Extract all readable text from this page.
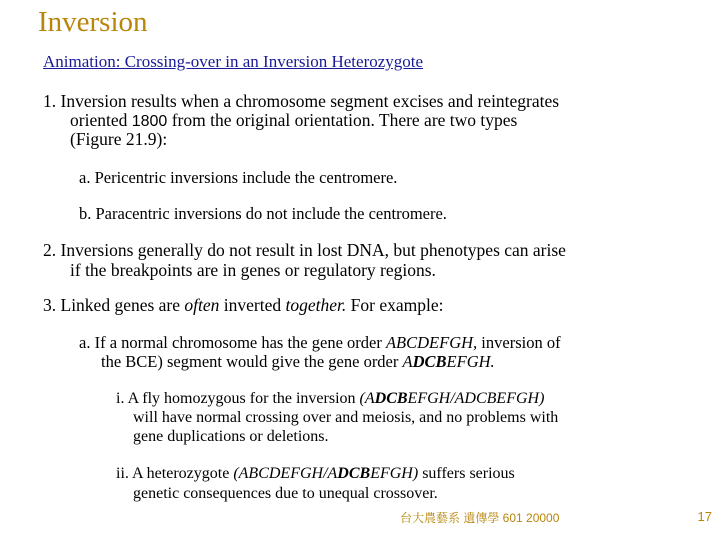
Inversion
Animation: Crossing-over in an Inversion Heterozygote
1. Inversion results when a chromosome segment excises and reintegrates
oriented 1800 from the original orientation. There are two types
(Figure 21.9):
a. Pericentric inversions include the centromere.
b. Paracentric inversions do not include the centromere.
2. Inversions generally do not result in lost DNA, but phenotypes can arise
if the breakpoints are in genes or regulatory regions.
3. Linked genes are often inverted together. For example:
a. If a normal chromosome has the gene order ABCDEFGH, inversion of
the BCE) segment would give the gene order ADCBEFGH.
i. A fly homozygous for the inversion (ADCBEFGH/ADCBEFGH)
will have normal crossing over and meiosis, and no problems with
gene duplications or deletions.
ii. A heterozygote (ABCDEFGH/ADCBEFGH) suffers serious
genetic consequences due to unequal crossover.
台大農藝系 遺傳學 601 20000	17
